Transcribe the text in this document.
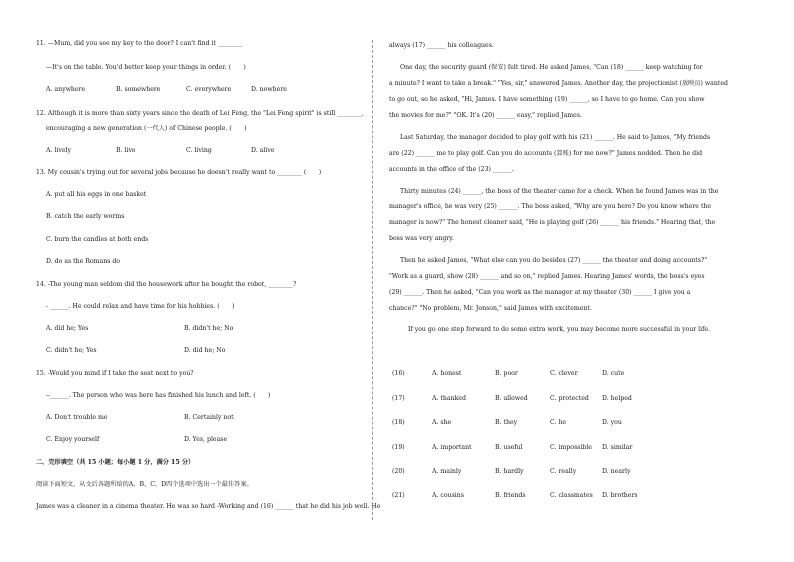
11. —Mum, did you see my key to the door? I can't find it ________
—It's on the table. You'd better keep your things in order. (　　)
A. anywhere	B. somewhere	C. everywhere	D. nowhere
12. Although it is more than sixty years since the death of Lei Feng, the "Lei Feng spirit" is still ________,
encouraging a new generation (一代人) of Chinese people. (　　)
A. lively	B. live	C. living	D. alive
13. My cousin's trying out for several jobs because he doesn't really want to ________ (　　)
A. put all his eggs in one basket
B. catch the early worms
C. burn the candles at both ends
D. do as the Romans do
14. -The young man seldom did the housework after he bought the robot, ________?
- ______. He could relax and have time for his hobbies. (　　)
A. did he; Yes	B. didn't he; No
C. didn't he; Yes	D. did he; No
15. -Would you mind if I take the seat next to you?
--______. The person who was here has finished his lunch and left. (　　)
A. Don't trouble me	B. Certainly not
C. Enjoy yourself	D. Yes, please
二、完形填空（共 15 小题；每小题 1 分，满分 15 分）
阅读下面短文，从文后各题所给的A、B、C、D四个选项中选出一个最佳答案。
James was a cleaner in a cinema theater. He was so hard -Working and (16) ______ that he did his job well. He
always (17) ______ his colleagues.
One day, the security guard (保安) felt tired. He asked James, "Can (18) ______ keep watching for
a minute? I want to take a break." "Yes, sir," answered James. Another day, the projectionist (放映员) wanted
to go out, so he asked, "Hi, James. I have something (19) ______, so I have to go home. Can you show
the movies for me?" "OK. It's (20) ______ easy," replied James.
Last Saturday, the manager decided to play golf with his (21) ______. He said to James, "My friends
are (22) ______ me to play golf. Can you do accounts (算账) for me now?" James nodded. Then he did
accounts in the office of the (23) ______.
Thirty minutes (24) ______, the boss of the theater came for a check. When he found James was in the
manager's office, he was very (25) ______. The boss asked, "Why are you here? Do you know where the
manager is now?" The honest cleaner said, "He is playing golf (26) ______ his friends." Hearing that, the
boss was very angry.
Then he asked James, "What else can you do besides (27) ______ the theater and doing accounts?"
"Work as a guard, show (28) ______ and so on," replied James. Hearing James' words, the boss's eyes
(29) ______. Then he asked, "Can you work as the manager at my theater (30) ______ I give you a
chance?" "No problem, Mr. Jonson," said James with excitement.
If you go one step forward to do some extra work, you may become more successful in your life.
(16)	A. honest	B. poor	C. clever	D. cute
(17)	A. thanked	B. allowed	C. protected D. helped
(18)	A. she	B. they	C. he	D. you
(19)	A. important	B. useful	C. impossible D. similar
(20)	A. mainly	B. hardly	C. really	D. nearly
(21)	A. cousins	B. friends	C. classmates D. brothers
